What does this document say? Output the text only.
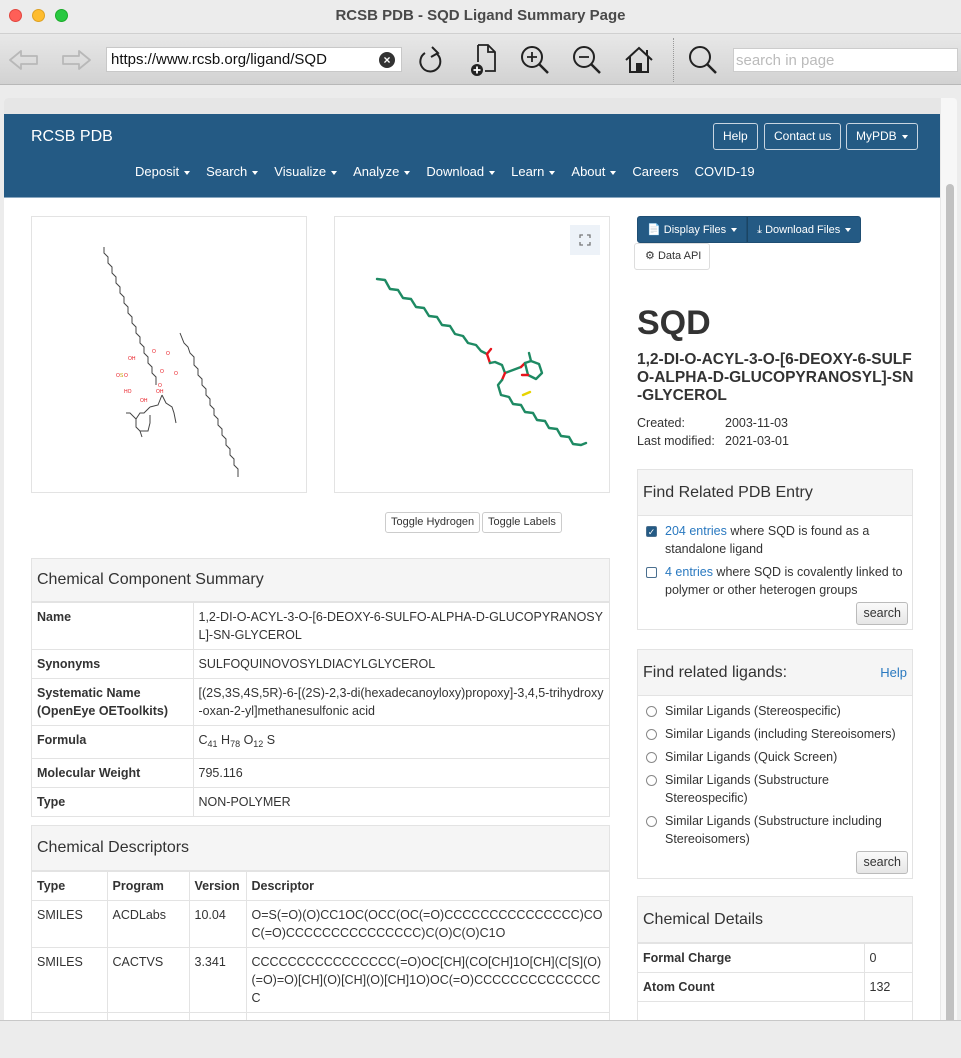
RCSB PDB - SQD Ligand Summary Page
https://www.rcsb.org/ligand/SQD	×	search in page
RCSB PDB	Help	Contact us	MyPDB
Deposit	Search	Visualize	Analyze	Download	Learn	About	Careers COVID-19
O O
O
O
O
O O
OH
HO
OH
OH
S
Toggle Hydrogen	Toggle Labels
Chemical Component Summary
Name	1,2-DI-O-ACYL-3-O-[6-DEOXY-6-SULFO-ALPHA-D-GLUCOPYRANOSYL]-SN-GLYCEROL
Synonyms	SULFOQUINOVOSYLDIACYLGLYCEROL
Systematic Name (OpenEye OEToolkits)	[(2S,3S,4S,5R)-6-[(2S)-2,3-di(hexadecanoyloxy)propoxy]-3,4,5-trihydroxy-oxan-2-yl]methanesulfonic acid
Formula	$C_{41}$ $H_{78}$ $O_{12}$ S
Molecular Weight	795.116
Type	NON-POLYMER
Chemical Descriptors
Type	Program	Version	Descriptor
SMILES	ACDLabs	10.04	O=S(=O)(O)CC1OC(OCC(OC(=O)CCCCCCCCCCCCCCC)COC(=O)CCCCCCCCCCCCCCC)C(O)C(O)C1O
SMILES	CACTVS	3.341	CCCCCCCCCCCCCCCC(=O)OC[CH](CO[CH]1O[CH](C[S](O)(=O)=O)[CH](O)[CH](O)[CH]1O)OC(=O)CCCCCCCCCCCCCCC

📄 Display Files	⤓ Download Files
⚙ Data API
SQD
1,2-DI-O-ACYL-3-O-[6-DEOXY-6-SULFO-ALPHA-D-GLUCOPYRANOSYL]-SN-GLYCEROL
Created:	2003-11-03
Last modified: 2021-03-01
Find Related PDB Entry
✓ 204 entries where SQD is found as a standalone ligand
4 entries where SQD is covalently linked to polymer or other heterogen groups
search
Find related ligands:	Help
Similar Ligands (Stereospecific)
Similar Ligands (including Stereoisomers)
Similar Ligands (Quick Screen)
Similar Ligands (Substructure Stereospecific)
Similar Ligands (Substructure including Stereoisomers)
search
Chemical Details
Formal Charge	0
Atom Count	132
